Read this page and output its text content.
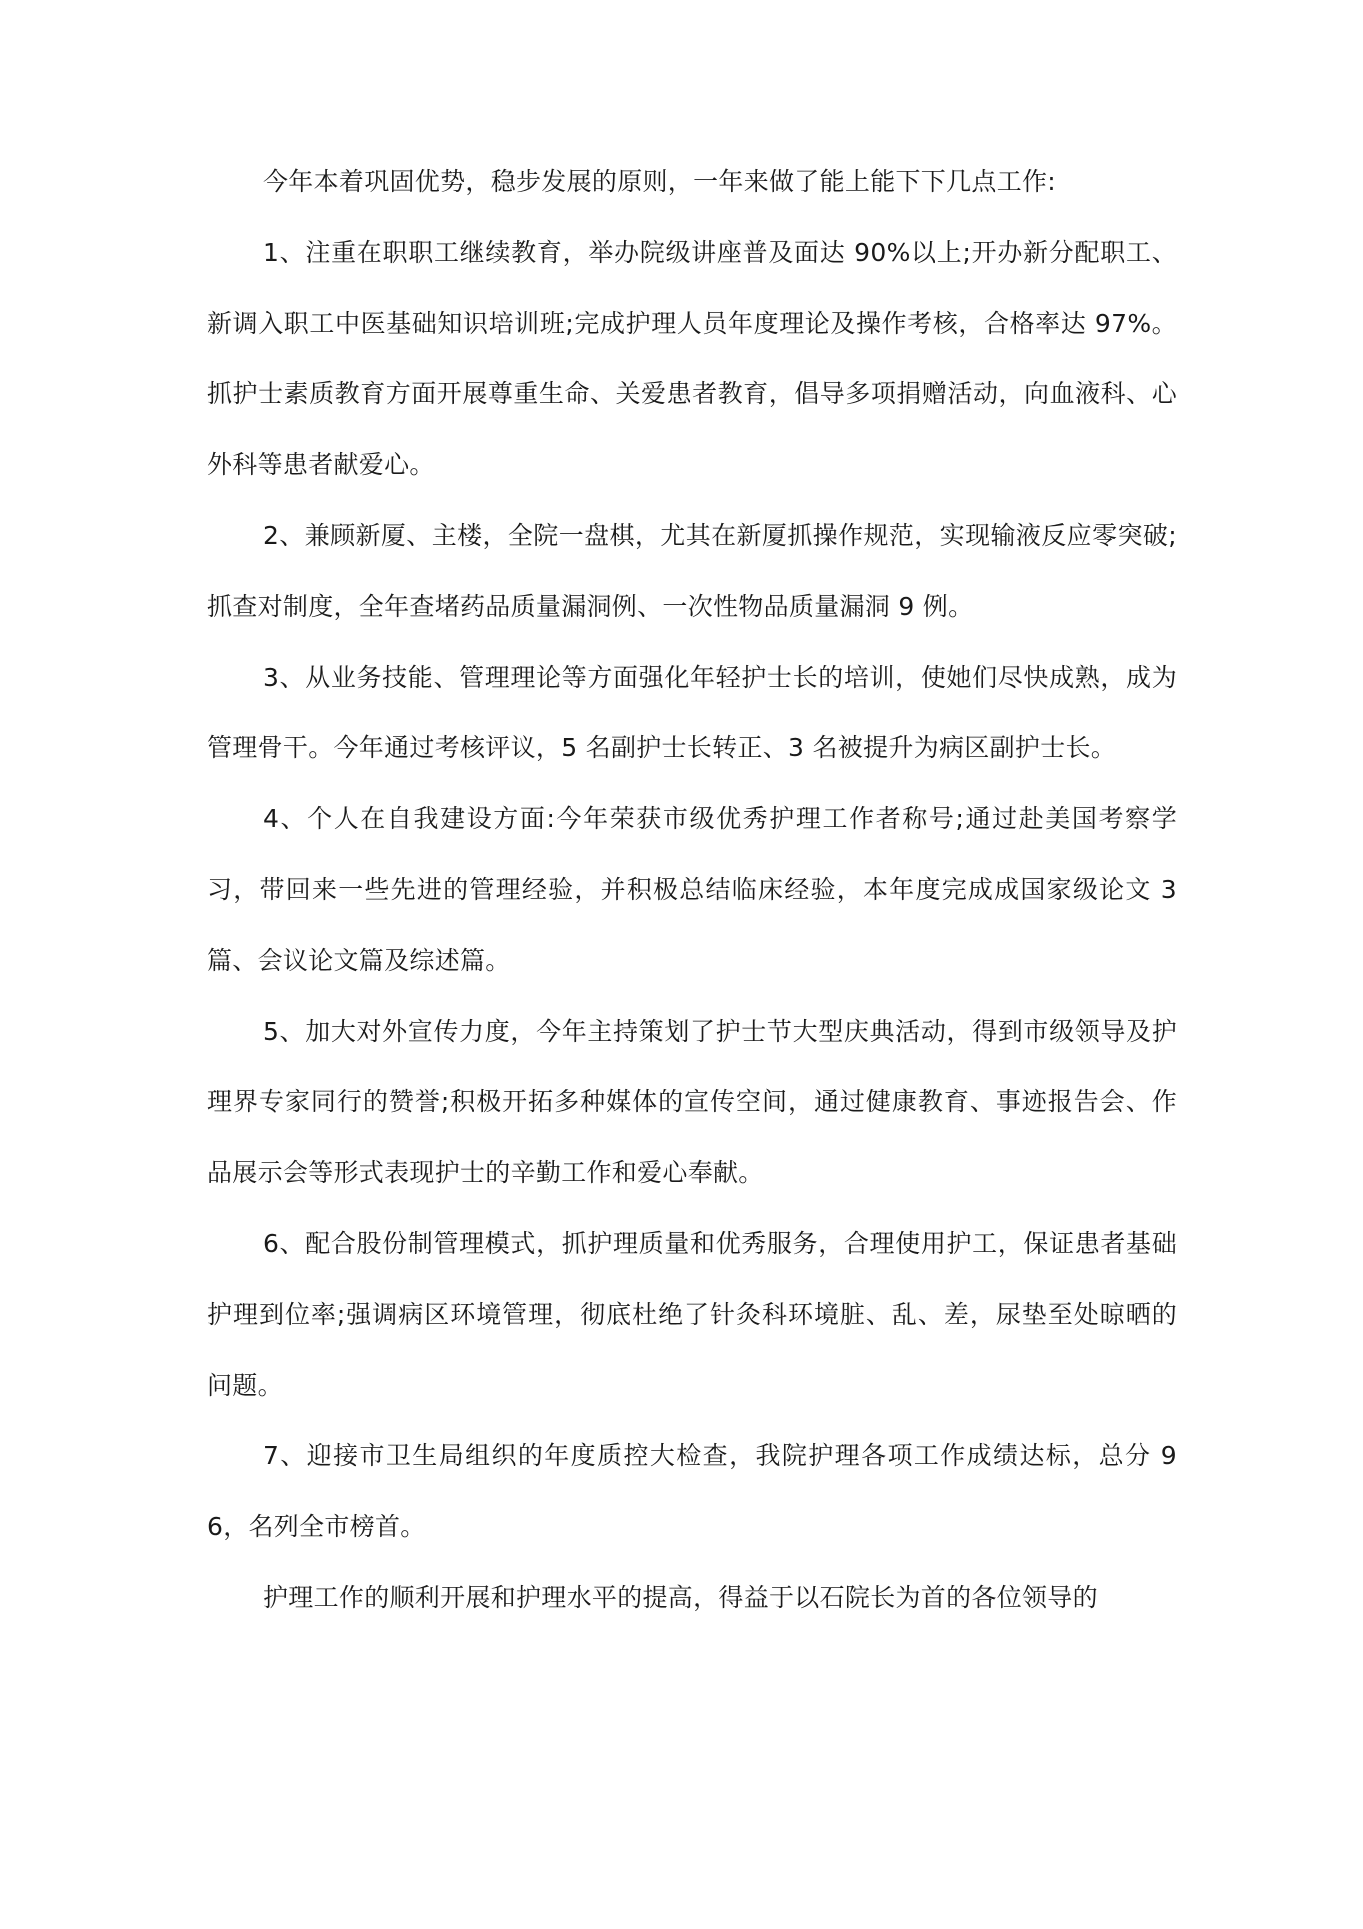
今年本着巩固优势，稳步发展的原则，一年来做了能上能下下几点工作:

1、注重在职职工继续教育，举办院级讲座普及面达 90%以上;开办新分配职工、新调入职工中医基础知识培训班;完成护理人员年度理论及操作考核，合格率达 97%。抓护士素质教育方面开展尊重生命、关爱患者教育，倡导多项捐赠活动，向血液科、心外科等患者献爱心。

2、兼顾新厦、主楼，全院一盘棋，尤其在新厦抓操作规范，实现输液反应零突破;抓查对制度，全年查堵药品质量漏洞例、一次性物品质量漏洞 9 例。

3、从业务技能、管理理论等方面强化年轻护士长的培训，使她们尽快成熟，成为管理骨干。今年通过考核评议，5 名副护士长转正、3 名被提升为病区副护士长。

4、个人在自我建设方面:今年荣获市级优秀护理工作者称号;通过赴美国考察学习，带回来一些先进的管理经验，并积极总结临床经验，本年度完成成国家级论文 3 篇、会议论文篇及综述篇。

5、加大对外宣传力度，今年主持策划了护士节大型庆典活动，得到市级领导及护理界专家同行的赞誉;积极开拓多种媒体的宣传空间，通过健康教育、事迹报告会、作品展示会等形式表现护士的辛勤工作和爱心奉献。

6、配合股份制管理模式，抓护理质量和优秀服务，合理使用护工，保证患者基础护理到位率;强调病区环境管理，彻底杜绝了针灸科环境脏、乱、差，尿垫至处晾晒的问题。

7、迎接市卫生局组织的年度质控大检查，我院护理各项工作成绩达标，总分 96，名列全市榜首。

护理工作的顺利开展和护理水平的提高，得益于以石院长为首的各位领导的
